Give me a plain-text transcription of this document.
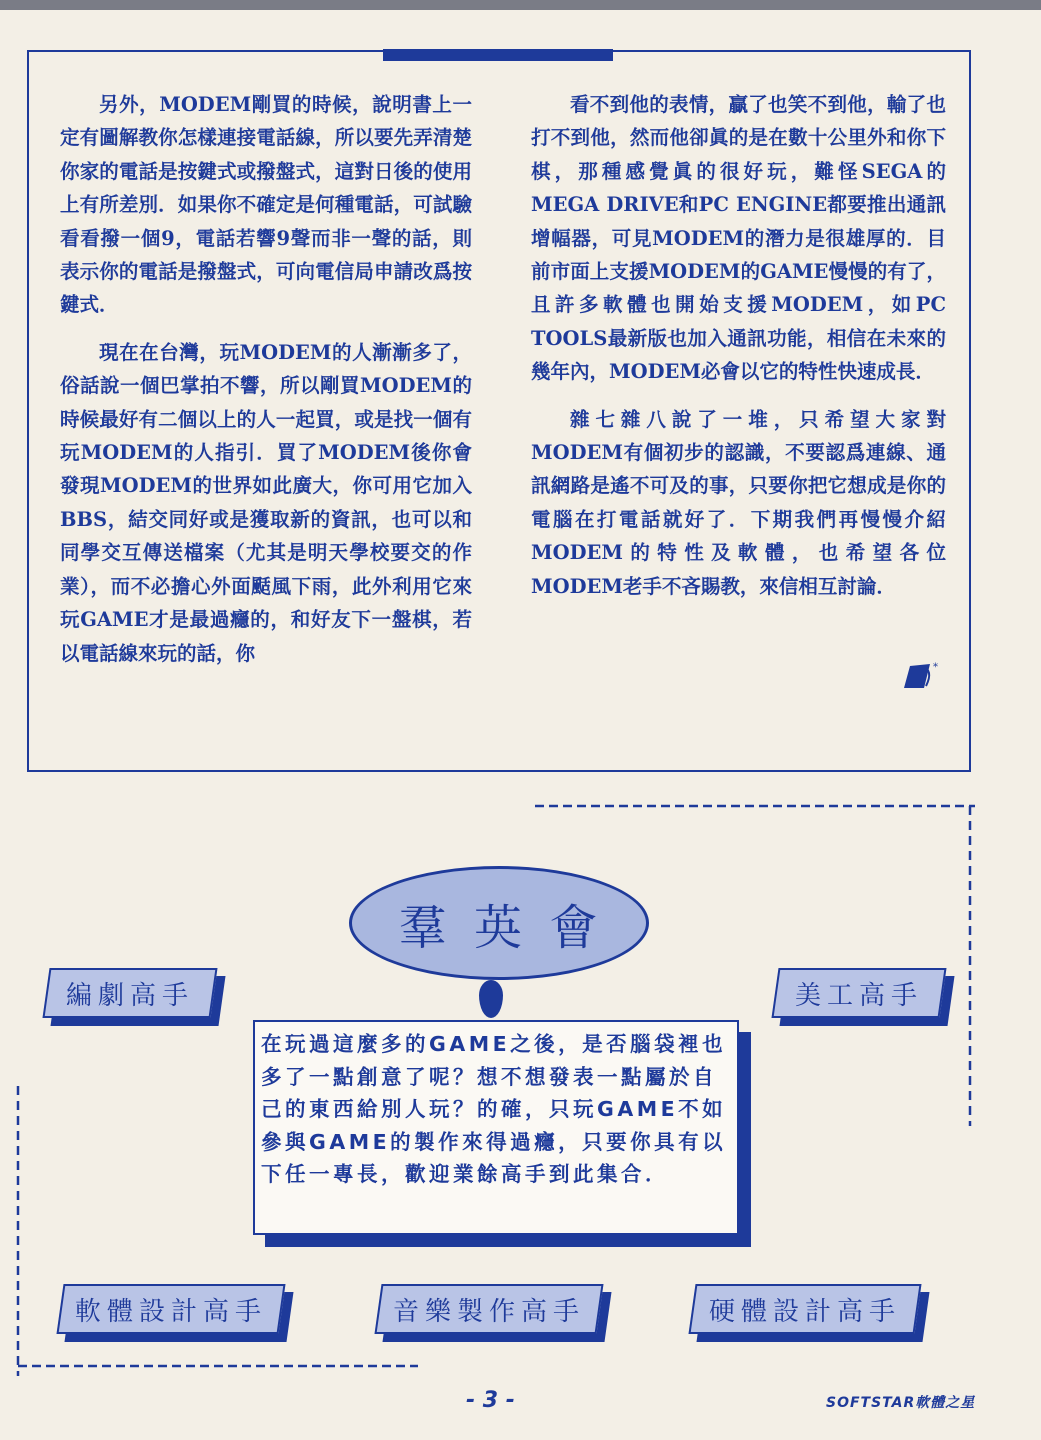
另外，MODEM剛買的時候，說明書上一定有圖解教你怎樣連接電話線，所以要先弄清楚你家的電話是按鍵式或撥盤式，這對日後的使用上有所差別．如果你不確定是何種電話，可試驗看看撥一個9，電話若響9聲而非一聲的話，則表示你的電話是撥盤式，可向電信局申請改爲按鍵式．

現在在台灣，玩MODEM的人漸漸多了，俗話說一個巴掌拍不響，所以剛買MODEM的時候最好有二個以上的人一起買，或是找一個有玩MODEM的人指引．買了MODEM後你會發現MODEM的世界如此廣大，你可用它加入BBS，結交同好或是獲取新的資訊，也可以和同學交互傳送檔案（尤其是明天學校要交的作業），而不必擔心外面颳風下雨，此外利用它來玩GAME才是最過癮的，和好友下一盤棋，若以電話線來玩的話，你

看不到他的表情，贏了也笑不到他，輸了也打不到他，然而他卻眞的是在數十公里外和你下棋，那種感覺眞的很好玩，難怪SEGA的MEGA DRIVE和PC ENGINE都要推出通訊增幅器，可見MODEM的潛力是很雄厚的．目前市面上支援MODEM的GAME慢慢的有了，且許多軟體也開始支援MODEM，如PC TOOLS最新版也加入通訊功能，相信在未來的幾年內，MODEM必會以它的特性快速成長．

雜七雜八說了一堆，只希望大家對MODEM有個初步的認識，不要認爲連線、通訊網路是遙不可及的事，只要你把它想成是你的電腦在打電話就好了．下期我們再慢慢介紹MODEM的特性及軟體，也希望各位MODEM老手不吝賜教，來信相互討論．

*
羣 英 會
編劇高手	美工高手
在玩過這麼多的GAME之後，是否腦袋裡也多了一點創意了呢？想不想發表一點屬於自己的東西給別人玩？的確，只玩GAME不如參與GAME的製作來得過癮，只要你具有以下任一專長，歡迎業餘高手到此集合．
軟體設計高手	音樂製作高手	硬體設計高手
- 3 -	SOFTSTAR軟體之星
